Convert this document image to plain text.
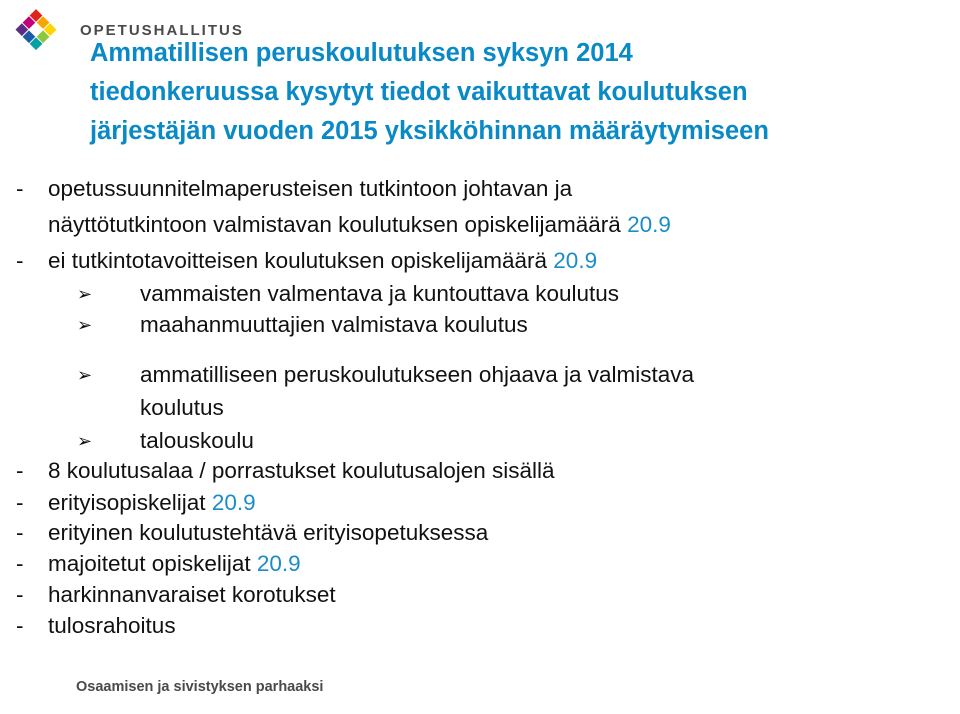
OPETUSHALLITUS
Ammatillisen peruskoulutuksen syksyn 2014
tiedonkeruussa kysytyt tiedot vaikuttavat koulutuksen
järjestäjän vuoden 2015 yksikköhinnan määräytymiseen
- opetussuunnitelmaperusteisen tutkintoon johtavan ja
näyttötutkintoon valmistavan koulutuksen opiskelijamäärä 20.9
- ei tutkintotavoitteisen koulutuksen opiskelijamäärä 20.9
➢ vammaisten valmentava ja kuntouttava koulutus
➢ maahanmuuttajien valmistava koulutus
➢ ammatilliseen peruskoulutukseen ohjaava ja valmistava
koulutus
➢ talouskoulu
- 8 koulutusalaa / porrastukset koulutusalojen sisällä
- erityisopiskelijat 20.9
- erityinen koulutustehtävä erityisopetuksessa
- majoitetut opiskelijat 20.9
- harkinnanvaraiset korotukset
- tulosrahoitus
Osaamisen ja sivistyksen parhaaksi
